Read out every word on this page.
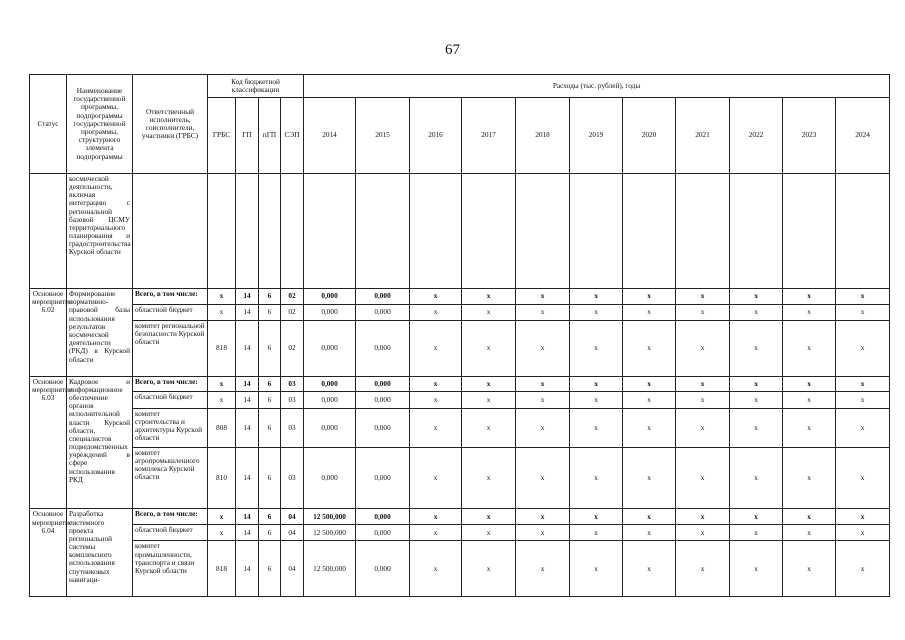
67
Статус	Наименование государственной программы, подпрограммы государственной программы, структурного элемента подпрограммы	Ответственный исполнитель, соисполнители, участники (ГРБС)	Код бюджетной классификации				Расходы (тыс. рублей), годы										
			ГРБС	ГП	пГП	СЭП	2014	2015	2016	2017	2018	2019	2020	2021	2022	2023	2024
	космической деятельности, включая интеграцию с региональной базовой ЦСМУ территориального планирования и градостроительства Курской области																
Основное мероприятие 6.02	Формирование нормативно-правовой базы использования результатов космической деятельности (РКД) в Курской области	Всего, в том числе:	х	14	6	02	0,000	0,000	х	х	х	х	х	х	х	х	х
		областной бюджет	х	14	6	02	0,000	0,000	х	х	х	х	х	х	х	х	х
		комитет региональной безопасности Курской области	818	14	6	02	0,000	0,000	х	х	х	х	х	х	х	х	х
Основное мероприятие 6.03	Кадровое и информационное обеспечение органов исполнительной власти Курской области, специалистов подведомственных учреждений в сфере использования РКД	Всего, в том числе:	х	14	6	03	0,000	0,000	х	х	х	х	х	х	х	х	х
		областной бюджет	х	14	6	03	0,000	0,000	х	х	х	х	х	х	х	х	х
		комитет строительства и архитектуры Курской области	808	14	6	03	0,000	0,000	х	х	х	х	х	х	х	х	х
		комитет агропромышленного комплекса Курской области	810	14	6	03	0,000	0,000	х	х	х	х	х	х	х	х	х
Основное мероприятие 6.04	Разработка системного проекта региональной системы комплексного использования спутниковых навигаци-	Всего, в том числе:	х	14	6	04	12 500,000	0,000	х	х	х	х	х	х	х	х	х
		областной бюджет	х	14	6	04	12 500,000	0,000	х	х	х	х	х	х	х	х	х
		комитет промышленности, транспорта и связи Курской области	818	14	6	04	12 500,000	0,000	х	х	х	х	х	х	х	х	х
